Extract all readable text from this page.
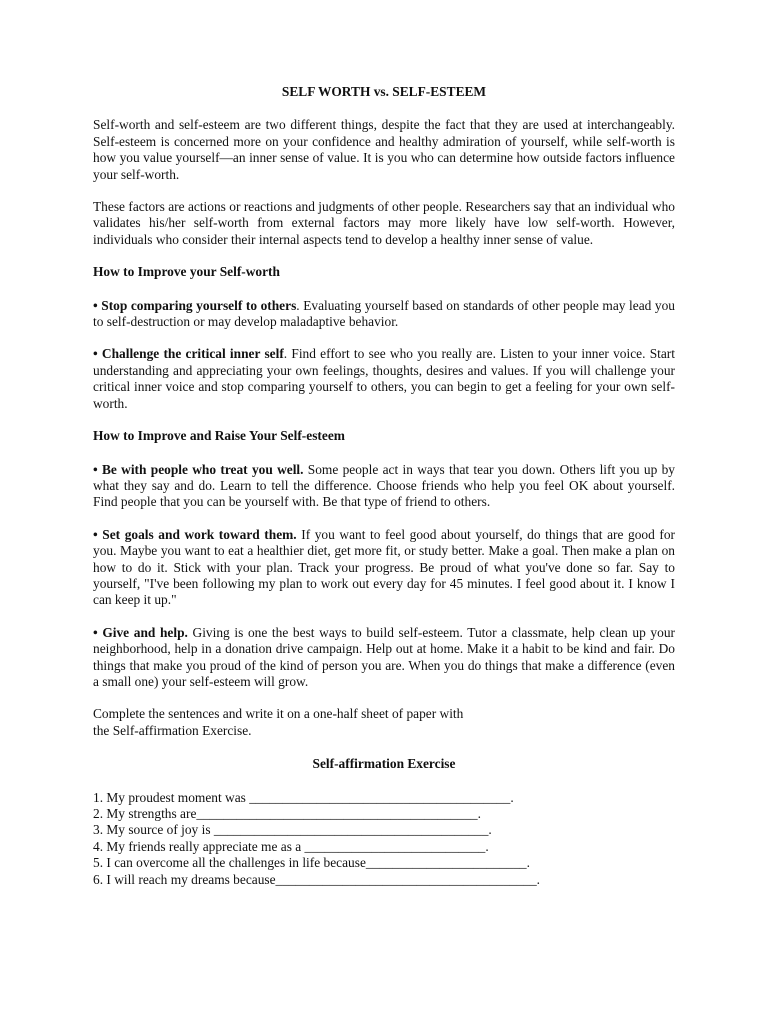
SELF WORTH vs. SELF-ESTEEM

Self-worth and self-esteem are two different things, despite the fact that they are used at interchangeably. Self-esteem is concerned more on your confidence and healthy admiration of yourself, while self-worth is how you value yourself—an inner sense of value. It is you who can determine how outside factors influence your self-worth.

These factors are actions or reactions and judgments of other people. Researchers say that an individual who validates his/her self-worth from external factors may more likely have low self-worth. However, individuals who consider their internal aspects tend to develop a healthy inner sense of value.

How to Improve your Self-worth

• Stop comparing yourself to others. Evaluating yourself based on standards of other people may lead you to self-destruction or may develop maladaptive behavior.

• Challenge the critical inner self. Find effort to see who you really are. Listen to your inner voice. Start understanding and appreciating your own feelings, thoughts, desires and values. If you will challenge your critical inner voice and stop comparing yourself to others, you can begin to get a feeling for your own self-worth.

How to Improve and Raise Your Self-esteem

• Be with people who treat you well. Some people act in ways that tear you down. Others lift you up by what they say and do. Learn to tell the difference. Choose friends who help you feel OK about yourself. Find people that you can be yourself with. Be that type of friend to others.

• Set goals and work toward them. If you want to feel good about yourself, do things that are good for you. Maybe you want to eat a healthier diet, get more fit, or study better. Make a goal. Then make a plan on how to do it. Stick with your plan. Track your progress. Be proud of what you've done so far. Say to yourself, "I've been following my plan to work out every day for 45 minutes. I feel good about it. I know I can keep it up."

• Give and help. Giving is one the best ways to build self-esteem. Tutor a classmate, help clean up your neighborhood, help in a donation drive campaign. Help out at home. Make it a habit to be kind and fair. Do things that make you proud of the kind of person you are. When you do things that make a difference (even a small one) your self-esteem will grow.

Complete the sentences and write it on a one-half sheet of paper with
the Self-affirmation Exercise.

Self-affirmation Exercise

1. My proudest moment was _______________________________________.
2. My strengths are__________________________________________.
3. My source of joy is _________________________________________.
4. My friends really appreciate me as a ___________________________.
5. I can overcome all the challenges in life because________________________.
6. I will reach my dreams because_______________________________________.
